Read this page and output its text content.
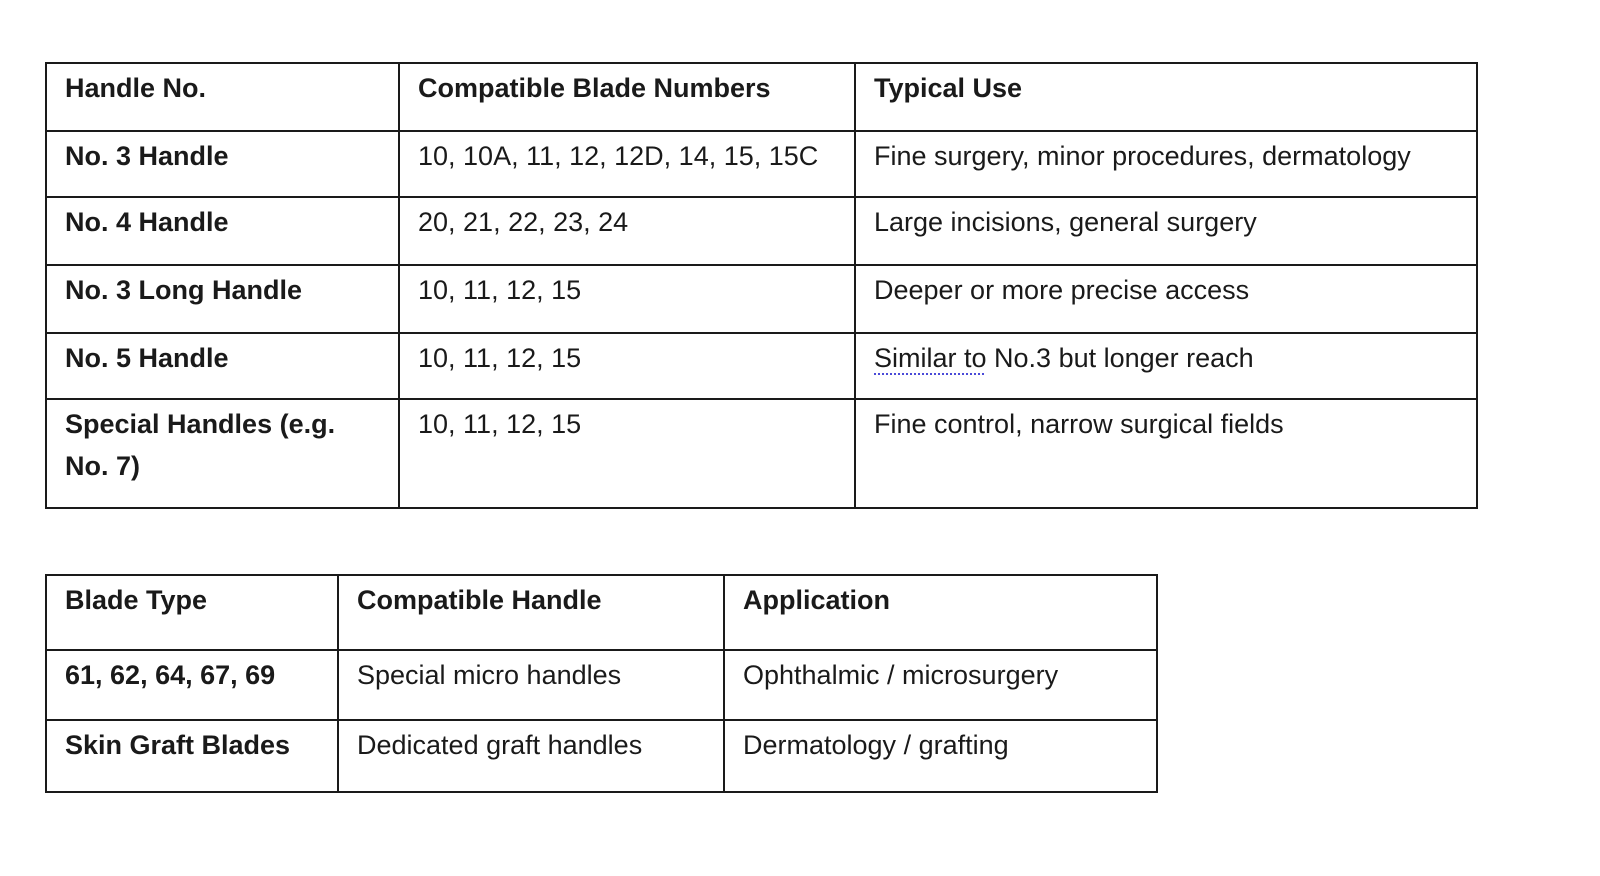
Handle No.	Compatible Blade Numbers	Typical Use
No. 3 Handle	10, 10A, 11, 12, 12D, 14, 15, 15C	Fine surgery, minor procedures, dermatology
No. 4 Handle	20, 21, 22, 23, 24	Large incisions, general surgery
No. 3 Long Handle	10, 11, 12, 15	Deeper or more precise access
No. 5 Handle	10, 11, 12, 15	Similar to No.3 but longer reach
Special Handles (e.g. No. 7)	10, 11, 12, 15	Fine control, narrow surgical fields
Blade Type	Compatible Handle	Application
61, 62, 64, 67, 69	Special micro handles	Ophthalmic / microsurgery
Skin Graft Blades	Dedicated graft handles	Dermatology / grafting
